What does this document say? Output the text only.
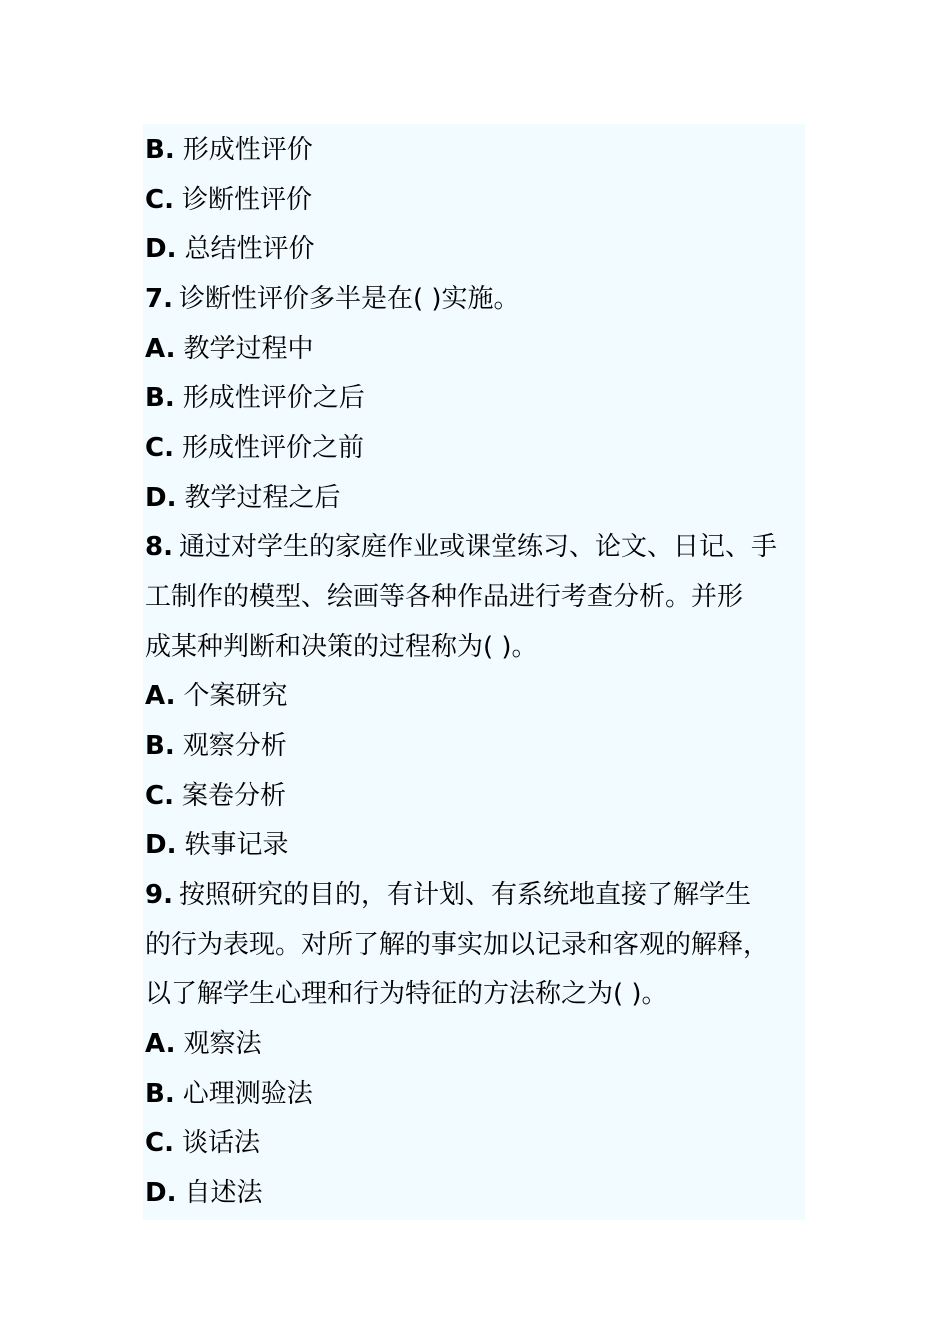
B. 形成性评价
C. 诊断性评价
D. 总结性评价
7. 诊断性评价多半是在( )实施。
A. 教学过程中
B. 形成性评价之后
C. 形成性评价之前
D. 教学过程之后
8. 通过对学生的家庭作业或课堂练习、论文、日记、手
工制作的模型、绘画等各种作品进行考查分析。并形
成某种判断和决策的过程称为( )。
A. 个案研究
B. 观察分析
C. 案卷分析
D. 轶事记录
9. 按照研究的目的，有计划、有系统地直接了解学生
的行为表现。对所了解的事实加以记录和客观的解释，
以了解学生心理和行为特征的方法称之为( )。
A. 观察法
B. 心理测验法
C. 谈话法
D. 自述法
